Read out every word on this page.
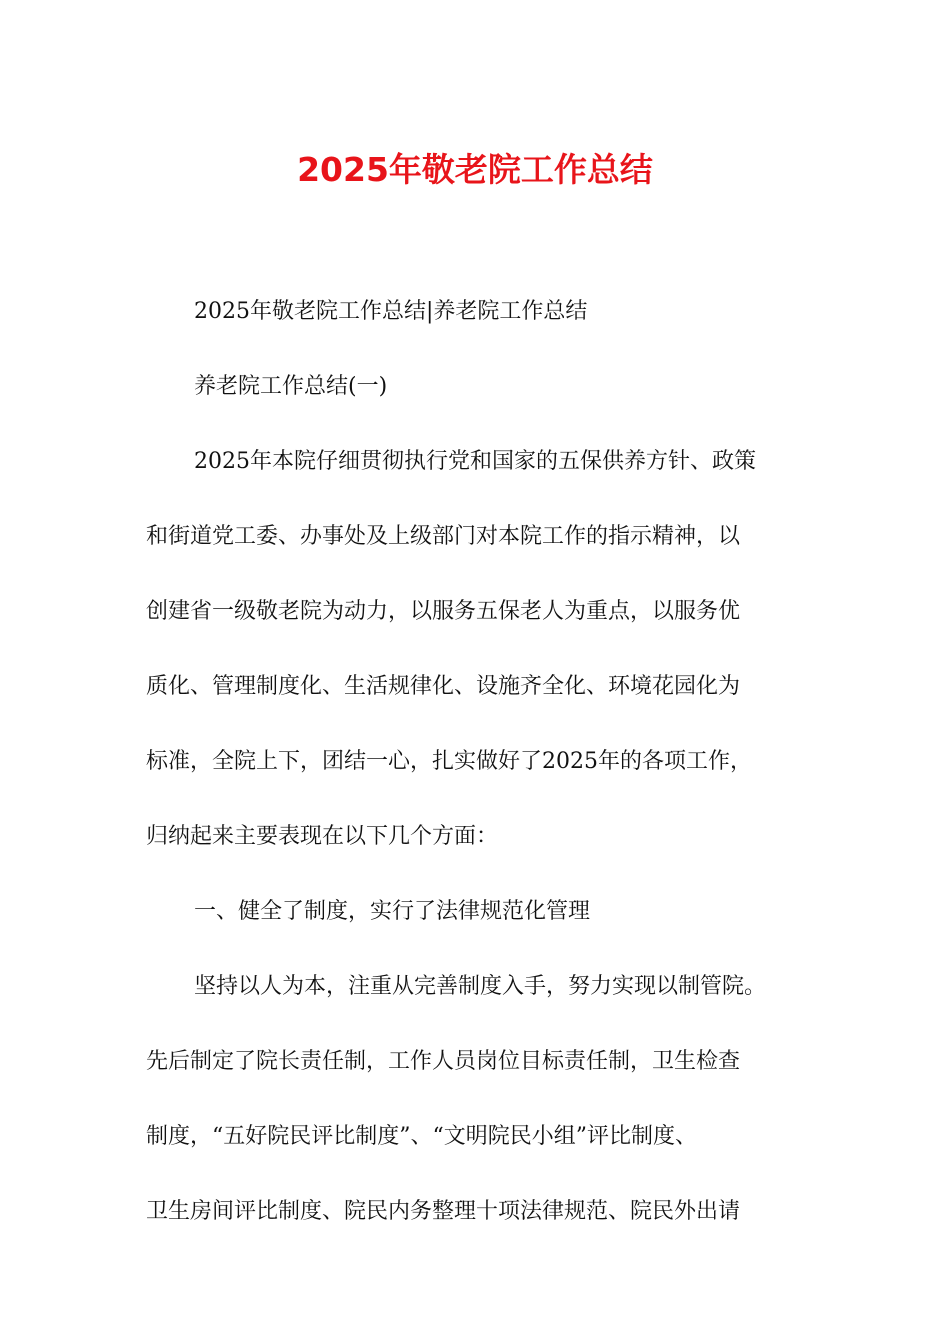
2025年敬老院工作总结

2025年敬老院工作总结|养老院工作总结

养老院工作总结(一)

2025年本院仔细贯彻执行党和国家的五保供养方针、政策
和街道党工委、办事处及上级部门对本院工作的指示精神，以
创建省一级敬老院为动力，以服务五保老人为重点，以服务优
质化、管理制度化、生活规律化、设施齐全化、环境花园化为
标准，全院上下，团结一心，扎实做好了2025年的各项工作，
归纳起来主要表现在以下几个方面：

一、健全了制度，实行了法律规范化管理

坚持以人为本，注重从完善制度入手，努力实现以制管院。
先后制定了院长责任制，工作人员岗位目标责任制，卫生检查
制度，“五好院民评比制度”、“文明院民小组”评比制度、
卫生房间评比制度、院民内务整理十项法律规范、院民外出请
